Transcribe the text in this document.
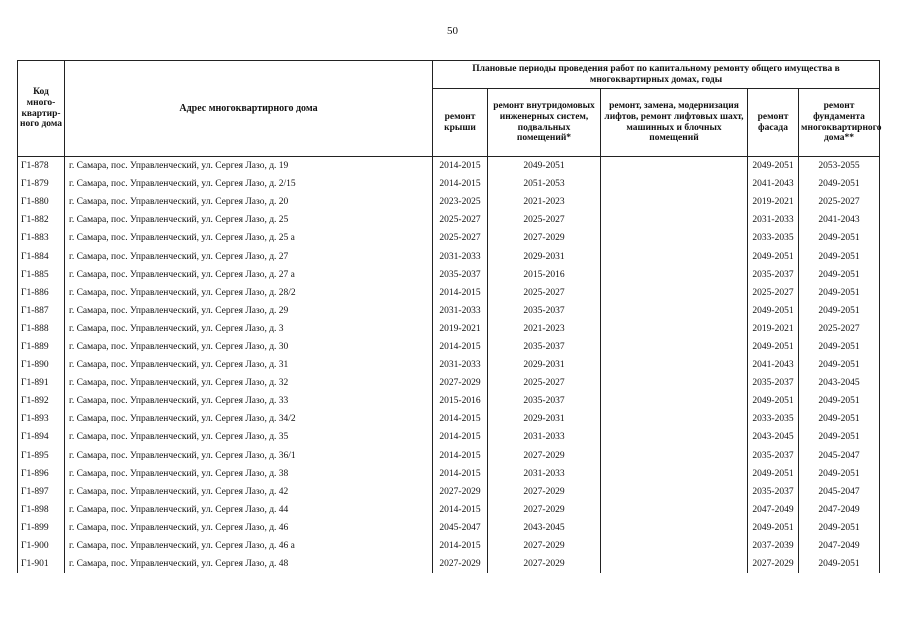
50
Код много-квартир-ного дома	Адрес многоквартирного дома	Плановые периоды проведения работ по капитальному ремонту общего имущества в многоквартирных домах, годы				
		ремонт крыши	ремонт внутридомовых инженерных систем, подвальных помещений*	ремонт, замена, модернизация лифтов, ремонт лифтовых шахт, машинных и блочных помещений	ремонт фасада	ремонт фундамента многоквартирного дома**
Г1-878	г. Самара, пос. Управленческий, ул. Сергея Лазо, д. 19	2014-2015	2049-2051		2049-2051	2053-2055
Г1-879	г. Самара, пос. Управленческий, ул. Сергея Лазо, д. 2/15	2014-2015	2051-2053		2041-2043	2049-2051
Г1-880	г. Самара, пос. Управленческий, ул. Сергея Лазо, д. 20	2023-2025	2021-2023		2019-2021	2025-2027
Г1-882	г. Самара, пос. Управленческий, ул. Сергея Лазо, д. 25	2025-2027	2025-2027		2031-2033	2041-2043
Г1-883	г. Самара, пос. Управленческий, ул. Сергея Лазо, д. 25 а	2025-2027	2027-2029		2033-2035	2049-2051
Г1-884	г. Самара, пос. Управленческий, ул. Сергея Лазо, д. 27	2031-2033	2029-2031		2049-2051	2049-2051
Г1-885	г. Самара, пос. Управленческий, ул. Сергея Лазо, д. 27 а	2035-2037	2015-2016		2035-2037	2049-2051
Г1-886	г. Самара, пос. Управленческий, ул. Сергея Лазо, д. 28/2	2014-2015	2025-2027		2025-2027	2049-2051
Г1-887	г. Самара, пос. Управленческий, ул. Сергея Лазо, д. 29	2031-2033	2035-2037		2049-2051	2049-2051
Г1-888	г. Самара, пос. Управленческий, ул. Сергея Лазо, д. 3	2019-2021	2021-2023		2019-2021	2025-2027
Г1-889	г. Самара, пос. Управленческий, ул. Сергея Лазо, д. 30	2014-2015	2035-2037		2049-2051	2049-2051
Г1-890	г. Самара, пос. Управленческий, ул. Сергея Лазо, д. 31	2031-2033	2029-2031		2041-2043	2049-2051
Г1-891	г. Самара, пос. Управленческий, ул. Сергея Лазо, д. 32	2027-2029	2025-2027		2035-2037	2043-2045
Г1-892	г. Самара, пос. Управленческий, ул. Сергея Лазо, д. 33	2015-2016	2035-2037		2049-2051	2049-2051
Г1-893	г. Самара, пос. Управленческий, ул. Сергея Лазо, д. 34/2	2014-2015	2029-2031		2033-2035	2049-2051
Г1-894	г. Самара, пос. Управленческий, ул. Сергея Лазо, д. 35	2014-2015	2031-2033		2043-2045	2049-2051
Г1-895	г. Самара, пос. Управленческий, ул. Сергея Лазо, д. 36/1	2014-2015	2027-2029		2035-2037	2045-2047
Г1-896	г. Самара, пос. Управленческий, ул. Сергея Лазо, д. 38	2014-2015	2031-2033		2049-2051	2049-2051
Г1-897	г. Самара, пос. Управленческий, ул. Сергея Лазо, д. 42	2027-2029	2027-2029		2035-2037	2045-2047
Г1-898	г. Самара, пос. Управленческий, ул. Сергея Лазо, д. 44	2014-2015	2027-2029		2047-2049	2047-2049
Г1-899	г. Самара, пос. Управленческий, ул. Сергея Лазо, д. 46	2045-2047	2043-2045		2049-2051	2049-2051
Г1-900	г. Самара, пос. Управленческий, ул. Сергея Лазо, д. 46 а	2014-2015	2027-2029		2037-2039	2047-2049
Г1-901	г. Самара, пос. Управленческий, ул. Сергея Лазо, д. 48	2027-2029	2027-2029		2027-2029	2049-2051
